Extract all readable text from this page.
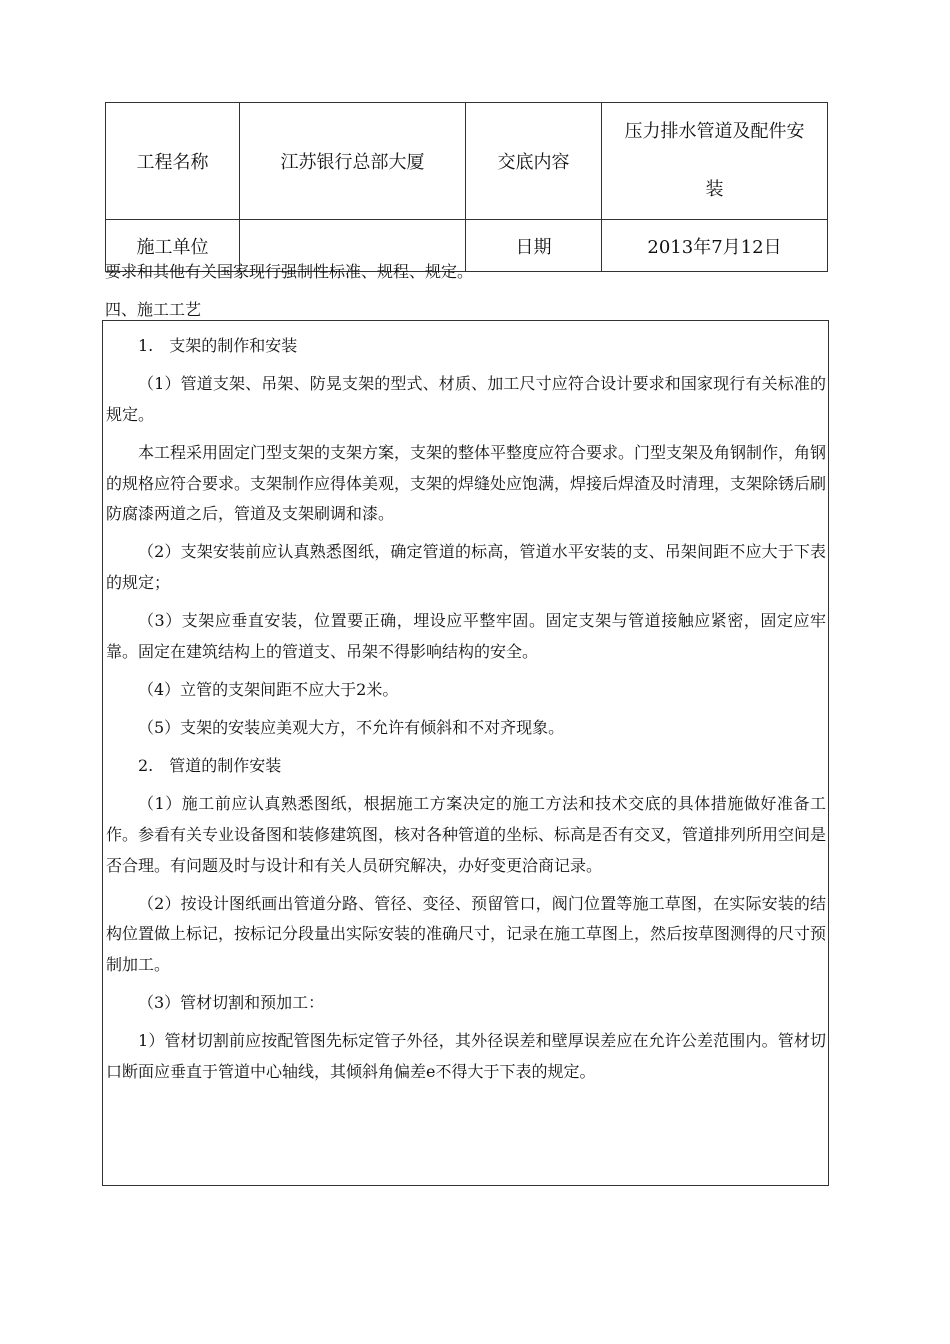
工程名称	江苏银行总部大厦	交底内容	压力排水管道及配件安
装

施工单位		日期	2013年7月12日
要求和其他有关国家现行强制性标准、规程、规定。
四、施工工艺

1.　支架的制作和安装

（1）管道支架、吊架、防晃支架的型式、材质、加工尺寸应符合设计要求和国家现行有关标准的规定。

本工程采用固定门型支架的支架方案，支架的整体平整度应符合要求。门型支架及角钢制作，角钢的规格应符合要求。支架制作应得体美观，支架的焊缝处应饱满，焊接后焊渣及时清理，支架除锈后刷防腐漆两道之后，管道及支架刷调和漆。

（2）支架安装前应认真熟悉图纸，确定管道的标高，管道水平安装的支、吊架间距不应大于下表的规定；

（3）支架应垂直安装，位置要正确，埋设应平整牢固。固定支架与管道接触应紧密，固定应牢靠。固定在建筑结构上的管道支、吊架不得影响结构的安全。

（4）立管的支架间距不应大于2米。

（5）支架的安装应美观大方，不允许有倾斜和不对齐现象。

2.　管道的制作安装

（1）施工前应认真熟悉图纸，根据施工方案决定的施工方法和技术交底的具体措施做好准备工作。参看有关专业设备图和装修建筑图，核对各种管道的坐标、标高是否有交叉，管道排列所用空间是否合理。有问题及时与设计和有关人员研究解决，办好变更洽商记录。

（2）按设计图纸画出管道分路、管径、变径、预留管口，阀门位置等施工草图，在实际安装的结构位置做上标记，按标记分段量出实际安装的准确尺寸，记录在施工草图上，然后按草图测得的尺寸预制加工。

（3）管材切割和预加工：

1）管材切割前应按配管图先标定管子外径，其外径误差和壁厚误差应在允许公差范围内。管材切口断面应垂直于管道中心轴线，其倾斜角偏差e不得大于下表的规定。
